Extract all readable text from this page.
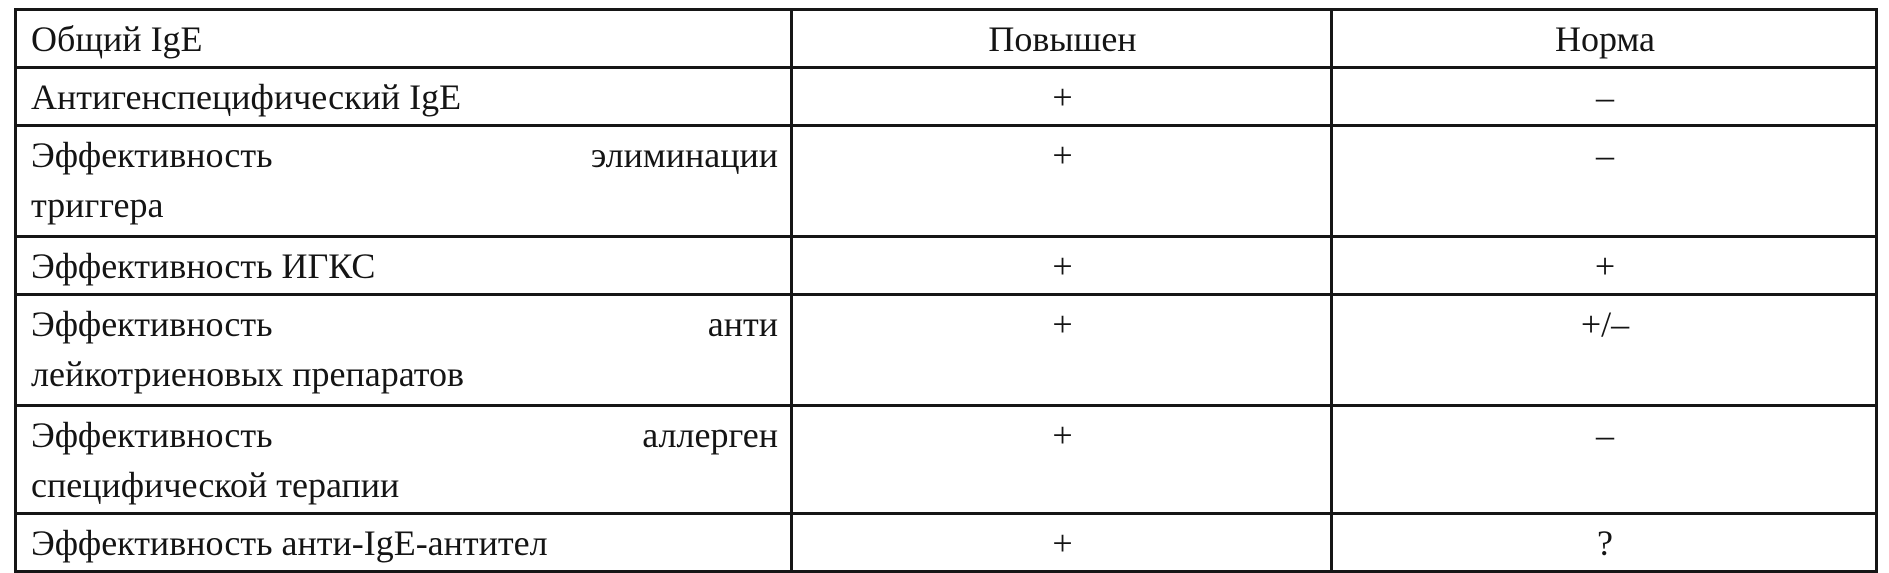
Общий IgE	Повышен	Норма
Антигенспецифический IgE	+	–

Эффективность элиминации
триггера	+	–
Эффективность ИГКС	+	+

Эффективность анти
лейкотриеновых препаратов	+	+/–

Эффективность аллерген
специфической терапии	+	–
Эффективность анти-IgE-антител	+	?
